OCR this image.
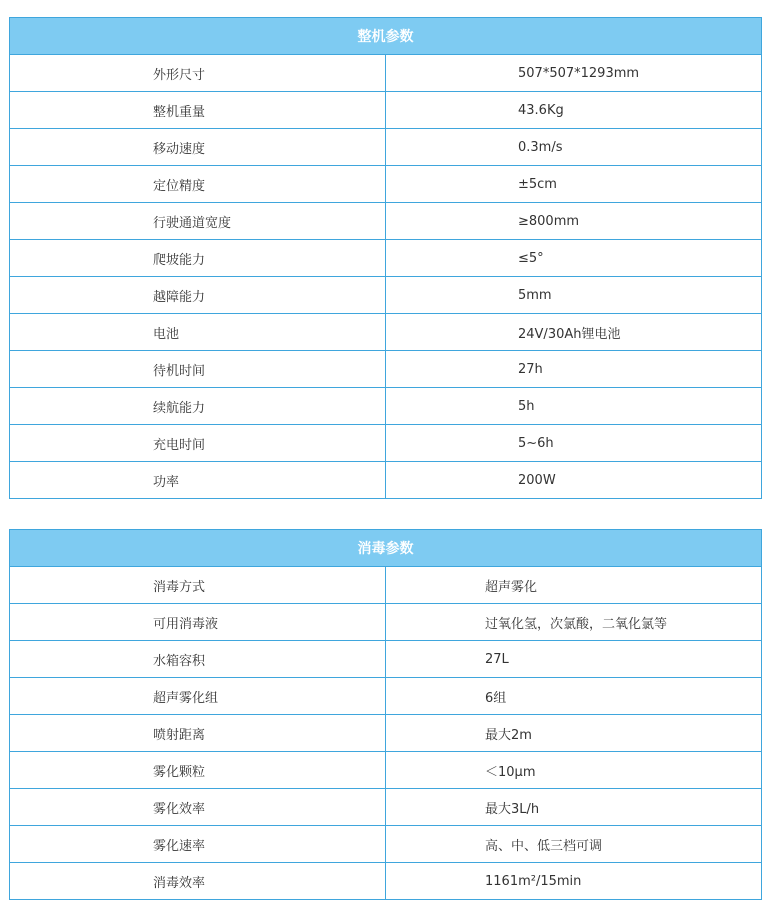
整机参数	
外形尺寸	507*507*1293mm
整机重量	43.6Kg
移动速度	0.3m/s
定位精度	±5cm
行驶通道宽度	≥800mm
爬坡能力	≤5°
越障能力	5mm
电池	24V/30Ah锂电池
待机时间	27h
续航能力	5h
充电时间	5~6h
功率	200W
消毒参数	
消毒方式	超声雾化
可用消毒液	过氧化氢，次氯酸，二氧化氯等
水箱容积	27L
超声雾化组	6组
喷射距离	最大2m
雾化颗粒	＜10μm
雾化效率	最大3L/h
雾化速率	高、中、低三档可调
消毒效率	1161m²/15min
